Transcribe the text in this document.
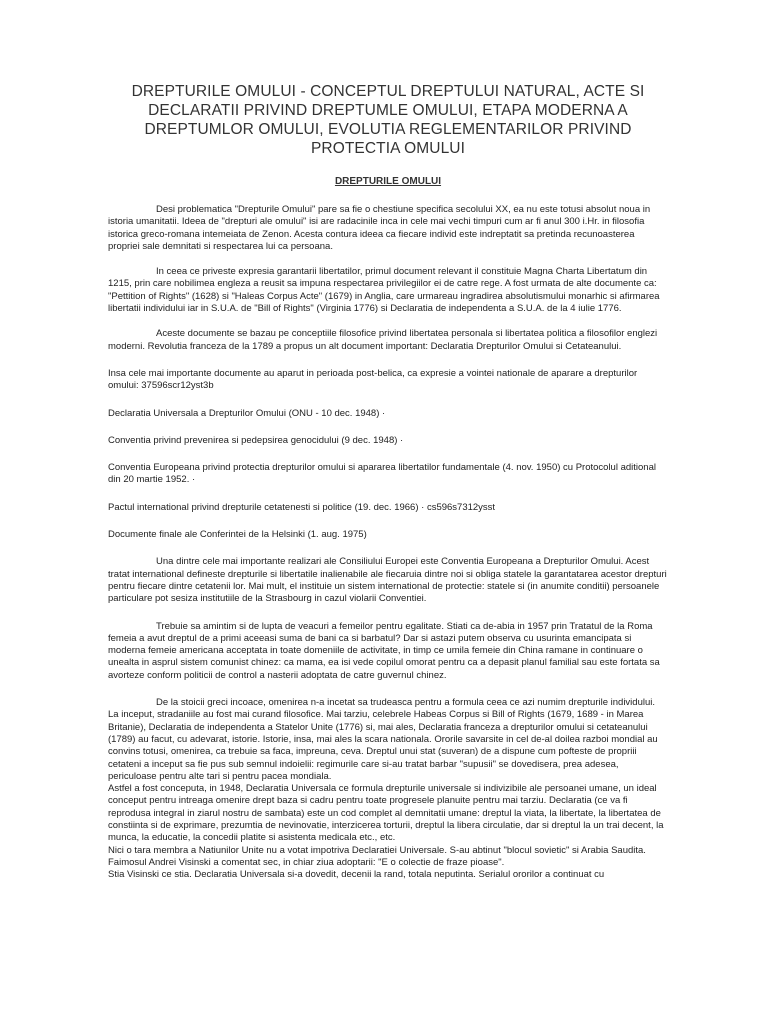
DREPTURILE OMULUI - CONCEPTUL DREPTULUI NATURAL, ACTE SI DECLARATII PRIVIND DREPTUMLE OMULUI, ETAPA MODERNA A DREPTUMLOR OMULUI, EVOLUTIA REGLEMENTARILOR PRIVIND PROTECTIA OMULUI
DREPTURILE OMULUI

Desi problematica "Drepturile Omului" pare sa fie o chestiune specifica secolului XX, ea nu este totusi absolut noua in istoria umanitatii. Ideea de "drepturi ale omului" isi are radacinile inca in cele mai vechi timpuri cum ar fi anul 300 i.Hr. in filosofia istorica greco-romana intemeiata de Zenon. Acesta contura ideea ca fiecare individ este indreptatit sa pretinda recunoasterea propriei sale demnitati si respectarea lui ca persoana.

In ceea ce priveste expresia garantarii libertatilor, primul document relevant il constituie Magna Charta Libertatum din 1215, prin care nobilimea engleza a reusit sa impuna respectarea privilegiilor ei de catre rege. A fost urmata de alte documente ca: "Pettition of Rights" (1628) si "Haleas Corpus Acte" (1679) in Anglia, care urmareau ingradirea absolutismului monarhic si afirmarea libertatii individului iar in S.U.A. de "Bill of Rights" (Virginia 1776) si Declaratia de independenta a S.U.A. de la 4 iulie 1776.

Aceste documente se bazau pe conceptiile filosofice privind libertatea personala si libertatea politica a filosofilor englezi moderni. Revolutia franceza de la 1789 a propus un alt document important: Declaratia Drepturilor Omului si Cetateanului.

Insa cele mai importante documente au aparut in perioada post-belica, ca expresie a vointei nationale de aparare a drepturilor omului: 37596scr12yst3b

Declaratia Universala a Drepturilor Omului (ONU - 10 dec. 1948) ·

Conventia privind prevenirea si pedepsirea genocidului (9 dec. 1948) ·

Conventia Europeana privind protectia drepturilor omului si apararea libertatilor fundamentale (4. nov. 1950) cu Protocolul aditional din 20 martie 1952. ·

Pactul international privind drepturile cetatenesti si politice (19. dec. 1966) · cs596s7312ysst

Documente finale ale Conferintei de la Helsinki (1. aug. 1975)

Una dintre cele mai importante realizari ale Consiliului Europei este Conventia Europeana a Drepturilor Omului. Acest tratat international defineste drepturile si libertatile inalienabile ale fiecaruia dintre noi si obliga statele la garantatarea acestor drepturi pentru fiecare dintre cetatenii lor. Mai mult, el instituie un sistem international de protectie: statele si (in anumite conditii) persoanele particulare pot sesiza institutiile de la Strasbourg in cazul violarii Conventiei.

Trebuie sa amintim si de lupta de veacuri a femeilor pentru egalitate. Stiati ca de-abia in 1957 prin Tratatul de la Roma femeia a avut dreptul de a primi aceeasi suma de bani ca si barbatul? Dar si astazi putem observa cu usurinta emancipata si moderna femeie americana acceptata in toate domeniile de activitate, in timp ce umila femeie din China ramane in continuare o unealta in asprul sistem comunist chinez: ca mama, ea isi vede copilul omorat pentru ca a depasit planul familial sau este fortata sa avorteze conform politicii de control a nasterii adoptata de catre guvernul chinez.

De la stoicii greci incoace, omenirea n-a incetat sa trudeasca pentru a formula ceea ce azi numim drepturile individului. La inceput, stradaniile au fost mai curand filosofice. Mai tarziu, celebrele Habeas Corpus si Bill of Rights (1679, 1689 - in Marea Britanie), Declaratia de independenta a Statelor Unite (1776) si, mai ales, Declaratia franceza a drepturilor omului si cetateanului (1789) au facut, cu adevarat, istorie. Istorie, insa, mai ales la scara nationala. Ororile savarsite in cel de-al doilea razboi mondial au convins totusi, omenirea, ca trebuie sa faca, impreuna, ceva. Dreptul unui stat (suveran) de a dispune cum pofteste de propriii cetateni a inceput sa fie pus sub semnul indoielii: regimurile care si-au tratat barbar "supusii" se dovedisera, prea adesea, periculoase pentru alte tari si pentru pacea mondiala.

Astfel a fost conceputa, in 1948, Declaratia Universala ce formula drepturile universale si indivizibile ale persoanei umane, un ideal conceput pentru intreaga omenire drept baza si cadru pentru toate progresele planuite pentru mai tarziu. Declaratia (ce va fi reprodusa integral in ziarul nostru de sambata) este un cod complet al demnitatii umane: dreptul la viata, la libertate, la libertatea de constiinta si de exprimare, prezumtia de nevinovatie, interzicerea torturii, dreptul la libera circulatie, dar si dreptul la un trai decent, la munca, la educatie, la concedii platite si asistenta medicala etc., etc.

Nici o tara membra a Natiunilor Unite nu a votat impotriva Declaratiei Universale. S-au abtinut "blocul sovietic" si Arabia Saudita. Faimosul Andrei Visinski a comentat sec, in chiar ziua adoptarii: "E o colectie de fraze pioase".

Stia Visinski ce stia. Declaratia Universala si-a dovedit, decenii la rand, totala neputinta. Serialul ororilor a continuat cu
